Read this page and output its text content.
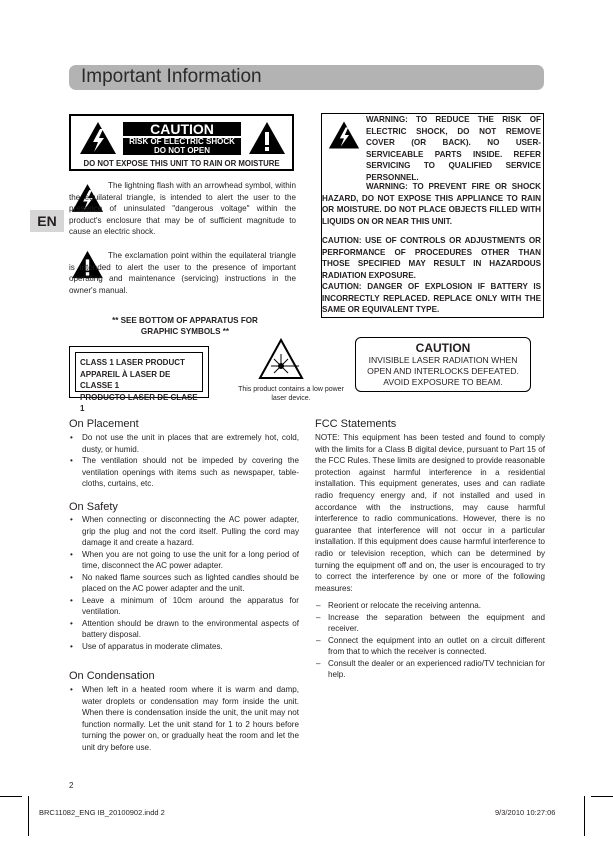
Important Information
EN
CAUTION
RISK OF ELECTRIC SHOCK DO NOT OPEN
DO NOT EXPOSE THIS UNIT TO RAIN OR MOISTURE
The lightning flash with an arrowhead symbol, within the equilateral triangle, is intended to alert the user to the presence of uninsulated "dangerous voltage" within the product's enclosure that may be of sufficient magnitude to cause an electric shock.
The exclamation point within the equilateral triangle is intended to alert the user to the presence of important operating and maintenance (servicing) instructions in the owner's manual.
** SEE BOTTOM OF APPARATUS FOR GRAPHIC SYMBOLS **
WARNING: TO REDUCE THE RISK OF ELECTRIC SHOCK, DO NOT REMOVE COVER (OR BACK). NO USER-SERVICEABLE PARTS INSIDE. REFER SERVICING TO QUALIFIED SERVICE PERSONNEL.
WARNING: TO PREVENT FIRE OR SHOCK HAZARD, DO NOT EXPOSE THIS APPLIANCE TO RAIN OR MOISTURE. DO NOT PLACE OBJECTS FILLED WITH LIQUIDS ON OR NEAR THIS UNIT.
CAUTION: USE OF CONTROLS OR ADJUSTMENTS OR PERFORMANCE OF PROCEDURES OTHER THAN THOSE SPECIFIED MAY RESULT IN HAZARDOUS RADIATION EXPOSURE.
CAUTION: DANGER OF EXPLOSION IF BATTERY IS INCORRECTLY REPLACED. REPLACE ONLY WITH THE SAME OR EQUIVALENT TYPE.
CLASS 1 LASER PRODUCT
APPAREIL À LASER DE CLASSE 1
PRODUCTO LASER DE CLASE 1
This product contains a low power laser device.
CAUTION
INVISIBLE LASER RADIATION WHEN OPEN AND INTERLOCKS DEFEATED. AVOID EXPOSURE TO BEAM.
On Placement
• Do not use the unit in places that are extremely hot, cold, dusty, or humid.
• The ventilation should not be impeded by covering the ventilation openings with items such as newspaper, table-cloths, curtains, etc.
On Safety
• When connecting or disconnecting the AC power adapter, grip the plug and not the cord itself. Pulling the cord may damage it and create a hazard.
• When you are not going to use the unit for a long period of time, disconnect the AC power adapter.
• No naked flame sources such as lighted candles should be placed on the AC power adapter and the unit.
• Leave a minimum of 10cm around the apparatus for ventilation.
• Attention should be drawn to the environmental aspects of battery disposal.
• Use of apparatus in moderate climates.
On Condensation
• When left in a heated room where it is warm and damp, water droplets or condensation may form inside the unit. When there is condensation inside the unit, the unit may not function normally. Let the unit stand for 1 to 2 hours before turning the power on, or gradually heat the room and let the unit dry before use.
FCC Statements
NOTE: This equipment has been tested and found to comply with the limits for a Class B digital device, pursuant to Part 15 of the FCC Rules. These limits are designed to provide reasonable protection against harmful interference in a residential installation. This equipment generates, uses and can radiate radio frequency energy and, if not installed and used in accordance with the instructions, may cause harmful interference to radio communications. However, there is no guarantee that interference will not occur in a particular installation. If this equipment does cause harmful interference to radio or television reception, which can be determined by turning the equipment off and on, the user is encouraged to try to correct the interference by one or more of the following measures:
– Reorient or relocate the receiving antenna.
– Increase the separation between the equipment and receiver.
– Connect the equipment into an outlet on a circuit different from that to which the receiver is connected.
– Consult the dealer or an experienced radio/TV technician for help.
2
BRC11082_ENG IB_20100902.indd 2	9/3/2010 10:27:06
